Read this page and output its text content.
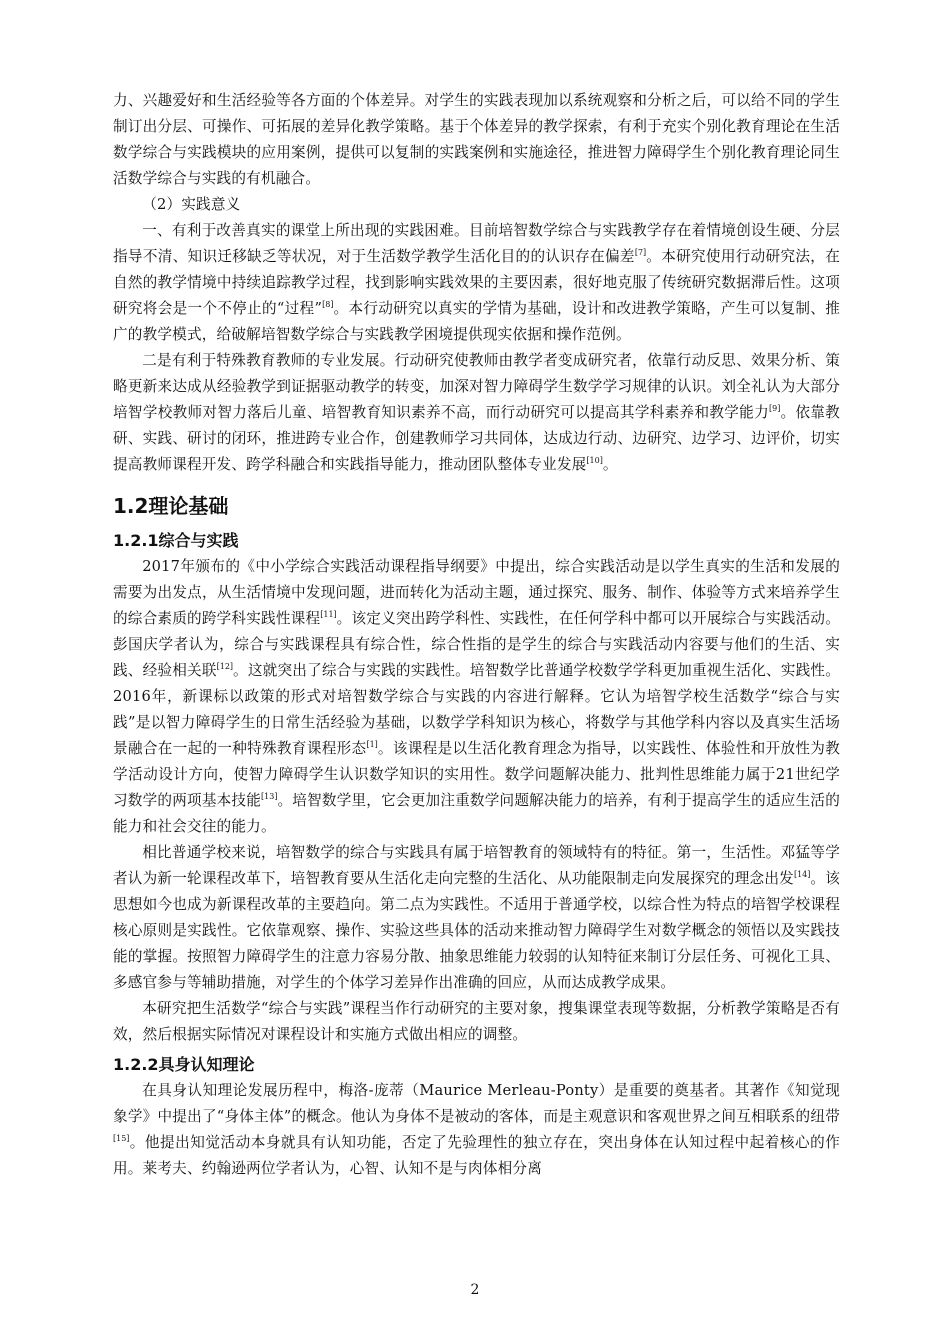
力、兴趣爱好和生活经验等各方面的个体差异。对学生的实践表现加以系统观察和分析之后，可以给不同的学生制订出分层、可操作、可拓展的差异化教学策略。基于个体差异的教学探索，有利于充实个别化教育理论在生活数学综合与实践模块的应用案例，提供可以复制的实践案例和实施途径，推进智力障碍学生个别化教育理论同生活数学综合与实践的有机融合。

（2）实践意义

一、有利于改善真实的课堂上所出现的实践困难。目前培智数学综合与实践教学存在着情境创设生硬、分层指导不清、知识迁移缺乏等状况，对于生活数学教学生活化目的的认识存在偏差[7]。本研究使用行动研究法，在自然的教学情境中持续追踪教学过程，找到影响实践效果的主要因素，很好地克服了传统研究数据滞后性。这项研究将会是一个不停止的“过程”[8]。本行动研究以真实的学情为基础，设计和改进教学策略，产生可以复制、推广的教学模式，给破解培智数学综合与实践教学困境提供现实依据和操作范例。

二是有利于特殊教育教师的专业发展。行动研究使教师由教学者变成研究者，依靠行动反思、效果分析、策略更新来达成从经验教学到证据驱动教学的转变，加深对智力障碍学生数学学习规律的认识。刘全礼认为大部分培智学校教师对智力落后儿童、培智教育知识素养不高，而行动研究可以提高其学科素养和教学能力[9]。依靠教研、实践、研讨的闭环，推进跨专业合作，创建教师学习共同体，达成边行动、边研究、边学习、边评价，切实提高教师课程开发、跨学科融合和实践指导能力，推动团队整体专业发展[10]。

1.2理论基础
1.2.1综合与实践

2017年颁布的《中小学综合实践活动课程指导纲要》中提出，综合实践活动是以学生真实的生活和发展的需要为出发点，从生活情境中发现问题，进而转化为活动主题，通过探究、服务、制作、体验等方式来培养学生的综合素质的跨学科实践性课程[11]。该定义突出跨学科性、实践性，在任何学科中都可以开展综合与实践活动。彭国庆学者认为，综合与实践课程具有综合性，综合性指的是学生的综合与实践活动内容要与他们的生活、实践、经验相关联[12]。这就突出了综合与实践的实践性。培智数学比普通学校数学学科更加重视生活化、实践性。2016年，新课标以政策的形式对培智数学综合与实践的内容进行解释。它认为培智学校生活数学“综合与实践”是以智力障碍学生的日常生活经验为基础，以数学学科知识为核心，将数学与其他学科内容以及真实生活场景融合在一起的一种特殊教育课程形态[1]。该课程是以生活化教育理念为指导，以实践性、体验性和开放性为教学活动设计方向，使智力障碍学生认识数学知识的实用性。数学问题解决能力、批判性思维能力属于21世纪学习数学的两项基本技能[13]。培智数学里，它会更加注重数学问题解决能力的培养，有利于提高学生的适应生活的能力和社会交往的能力。

相比普通学校来说，培智数学的综合与实践具有属于培智教育的领域特有的特征。第一，生活性。邓猛等学者认为新一轮课程改革下，培智教育要从生活化走向完整的生活化、从功能限制走向发展探究的理念出发[14]。该思想如今也成为新课程改革的主要趋向。第二点为实践性。不适用于普通学校，以综合性为特点的培智学校课程核心原则是实践性。它依靠观察、操作、实验这些具体的活动来推动智力障碍学生对数学概念的领悟以及实践技能的掌握。按照智力障碍学生的注意力容易分散、抽象思维能力较弱的认知特征来制订分层任务、可视化工具、多感官参与等辅助措施，对学生的个体学习差异作出准确的回应，从而达成教学成果。

本研究把生活数学“综合与实践”课程当作行动研究的主要对象，搜集课堂表现等数据，分析教学策略是否有效，然后根据实际情况对课程设计和实施方式做出相应的调整。

1.2.2具身认知理论

在具身认知理论发展历程中，梅洛-庞蒂（Maurice Merleau-Ponty）是重要的奠基者。其著作《知觉现象学》中提出了“身体主体”的概念。他认为身体不是被动的客体，而是主观意识和客观世界之间互相联系的纽带[15]。他提出知觉活动本身就具有认知功能，否定了先验理性的独立存在，突出身体在认知过程中起着核心的作用。莱考夫、约翰逊两位学者认为，心智、认知不是与肉体相分离

2
